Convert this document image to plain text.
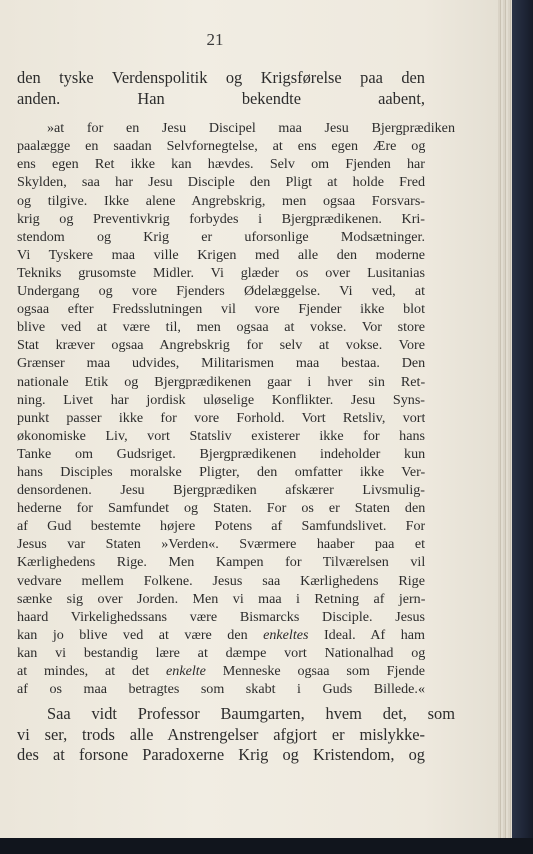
21

den tyske Verdenspolitik og Krigsførelse paa den
anden. Han bekendte aabent,

»at for en Jesu Discipel maa Jesu Bjergprædiken
paalægge en saadan Selvfornegtelse, at ens egen Ære og
ens egen Ret ikke kan hævdes. Selv om Fjenden har
Skylden, saa har Jesu Disciple den Pligt at holde Fred
og tilgive. Ikke alene Angrebskrig, men ogsaa Forsvars-
krig og Preventivkrig forbydes i Bjergprædikenen. Kri-
stendom og Krig er uforsonlige Modsætninger.
Vi Tyskere maa ville Krigen med alle den moderne
Tekniks grusomste Midler. Vi glæder os over Lusitanias
Undergang og vore Fjenders Ødelæggelse. Vi ved, at
ogsaa efter Fredsslutningen vil vore Fjender ikke blot
blive ved at være til, men ogsaa at vokse. Vor store
Stat kræver ogsaa Angrebskrig for selv at vokse. Vore
Grænser maa udvides, Militarismen maa bestaa. Den
nationale Etik og Bjergprædikenen gaar i hver sin Ret-
ning. Livet har jordisk uløselige Konflikter. Jesu Syns-
punkt passer ikke for vore Forhold. Vort Retsliv, vort
økonomiske Liv, vort Statsliv existerer ikke for hans
Tanke om Gudsriget. Bjergprædikenen indeholder kun
hans Disciples moralske Pligter, den omfatter ikke Ver-
densordenen. Jesu Bjergprædiken afskærer Livsmulig-
hederne for Samfundet og Staten. For os er Staten den
af Gud bestemte højere Potens af Samfundslivet. For
Jesus var Staten »Verden«. Sværmere haaber paa et
Kærlighedens Rige. Men Kampen for Tilværelsen vil
vedvare mellem Folkene. Jesus saa Kærlighedens Rige
sænke sig over Jorden. Men vi maa i Retning af jern-
haard Virkelighedssans være Bismarcks Disciple. Jesus
kan jo blive ved at være den enkeltes Ideal. Af ham
kan vi bestandig lære at dæmpe vort Nationalhad og
at mindes, at det enkelte Menneske ogsaa som Fjende
af os maa betragtes som skabt i Guds Billede.«

Saa vidt Professor Baumgarten, hvem det, som
vi ser, trods alle Anstrengelser afgjort er mislykke-
des at forsone Paradoxerne Krig og Kristendom, og
